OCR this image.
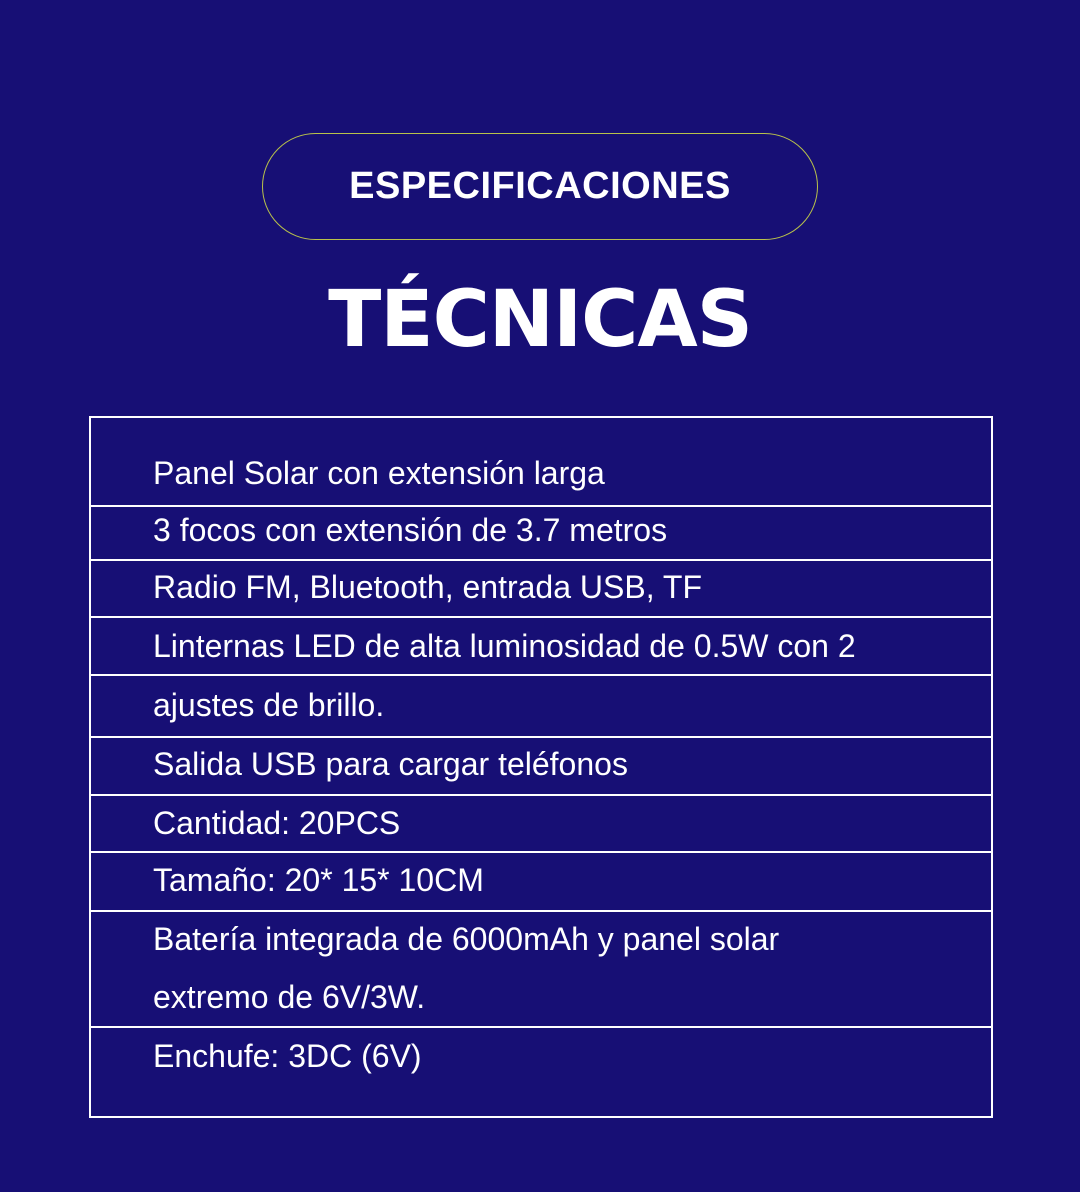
ESPECIFICACIONES
TÉCNICAS
Panel Solar con extensión larga
3 focos con extensión de 3.7 metros
Radio FM, Bluetooth, entrada USB, TF
Linternas LED de alta luminosidad de 0.5W con 2
ajustes de brillo.
Salida USB para cargar teléfonos
Cantidad: 20PCS
Tamaño: 20* 15* 10CM
Batería integrada de 6000mAh y panel solar
extremo de 6V/3W.
Enchufe: 3DC (6V)
